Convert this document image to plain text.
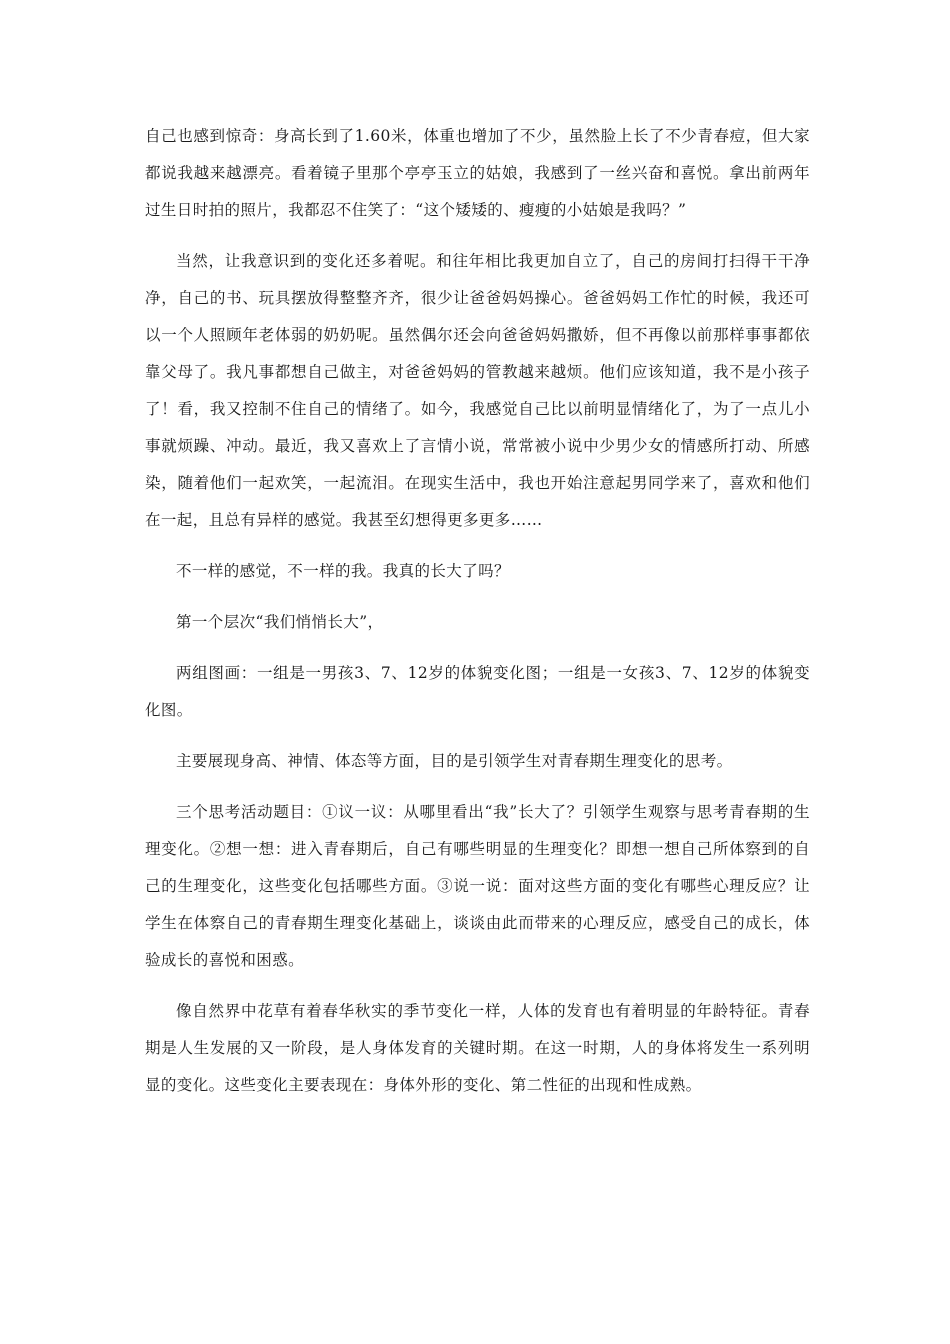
自己也感到惊奇：身高长到了1.60米，体重也增加了不少，虽然脸上长了不少青春痘，但大家都说我越来越漂亮。看着镜子里那个亭亭玉立的姑娘，我感到了一丝兴奋和喜悦。拿出前两年过生日时拍的照片，我都忍不住笑了：“这个矮矮的、瘦瘦的小姑娘是我吗？”

当然，让我意识到的变化还多着呢。和往年相比我更加自立了，自己的房间打扫得干干净净，自己的书、玩具摆放得整整齐齐，很少让爸爸妈妈操心。爸爸妈妈工作忙的时候，我还可以一个人照顾年老体弱的奶奶呢。虽然偶尔还会向爸爸妈妈撒娇，但不再像以前那样事事都依靠父母了。我凡事都想自己做主，对爸爸妈妈的管教越来越烦。他们应该知道，我不是小孩子了！看，我又控制不住自己的情绪了。如今，我感觉自己比以前明显情绪化了，为了一点儿小事就烦躁、冲动。最近，我又喜欢上了言情小说，常常被小说中少男少女的情感所打动、所感染，随着他们一起欢笑，一起流泪。在现实生活中，我也开始注意起男同学来了，喜欢和他们在一起，且总有异样的感觉。我甚至幻想得更多更多……

不一样的感觉，不一样的我。我真的长大了吗？

第一个层次“我们悄悄长大”，

两组图画：一组是一男孩3、7、12岁的体貌变化图；一组是一女孩3、7、12岁的体貌变化图。

主要展现身高、神情、体态等方面，目的是引领学生对青春期生理变化的思考。

三个思考活动题目：①议一议：从哪里看出“我”长大了？引领学生观察与思考青春期的生理变化。②想一想：进入青春期后，自己有哪些明显的生理变化？即想一想自己所体察到的自己的生理变化，这些变化包括哪些方面。③说一说：面对这些方面的变化有哪些心理反应？让学生在体察自己的青春期生理变化基础上，谈谈由此而带来的心理反应，感受自己的成长，体验成长的喜悦和困惑。

像自然界中花草有着春华秋实的季节变化一样，人体的发育也有着明显的年龄特征。青春期是人生发展的又一阶段，是人身体发育的关键时期。在这一时期，人的身体将发生一系列明显的变化。这些变化主要表现在：身体外形的变化、第二性征的出现和性成熟。
